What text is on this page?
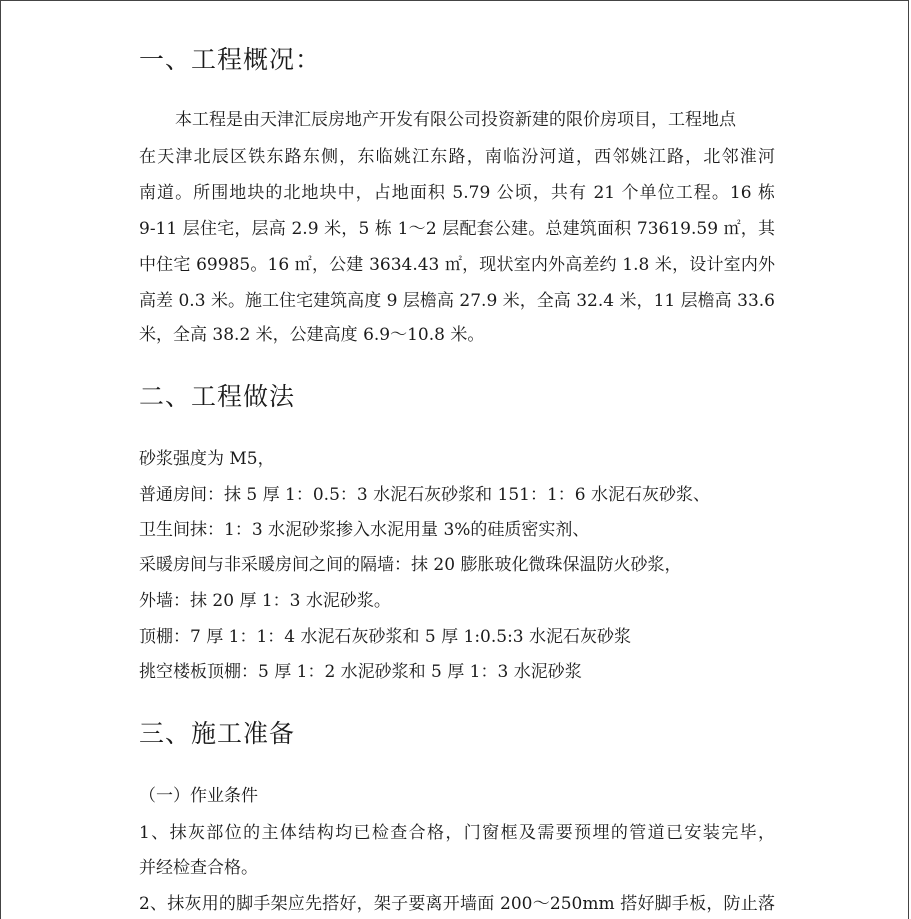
一、工程概况：
本工程是由天津汇辰房地产开发有限公司投资新建的限价房项目，工程地点
在天津北辰区铁东路东侧，东临姚江东路，南临汾河道，西邻姚江路，北邻淮河
南道。所围地块的北地块中，占地面积 5.79 公顷，共有 21 个单位工程。16 栋
9-11 层住宅，层高 2.9 米，5 栋 1～2 层配套公建。总建筑面积 73619.59 ㎡，其
中住宅 69985。16 ㎡，公建 3634.43 ㎡，现状室内外高差约 1.8 米，设计室内外
高差 0.3 米。施工住宅建筑高度 9 层檐高 27.9 米，全高 32.4 米，11 层檐高 33.6
米，全高 38.2 米，公建高度 6.9～10.8 米。
二、工程做法
砂浆强度为 M5，
普通房间：抹 5 厚 1：0.5：3 水泥石灰砂浆和 151：1：6 水泥石灰砂浆、
卫生间抹：1：3 水泥砂浆掺入水泥用量 3%的硅质密实剂、
采暖房间与非采暖房间之间的隔墙：抹 20 膨胀玻化微珠保温防火砂浆，
外墙：抹 20 厚 1：3 水泥砂浆。
顶棚：7 厚 1：1：4 水泥石灰砂浆和 5 厚 1:0.5:3 水泥石灰砂浆
挑空楼板顶棚：5 厚 1：2 水泥砂浆和 5 厚 1：3 水泥砂浆
三、施工准备
（一）作业条件
1、抹灰部位的主体结构均已检查合格，门窗框及需要预埋的管道已安装完毕，
并经检查合格。
2、抹灰用的脚手架应先搭好，架子要离开墙面 200～250mm 搭好脚手板，防止落
